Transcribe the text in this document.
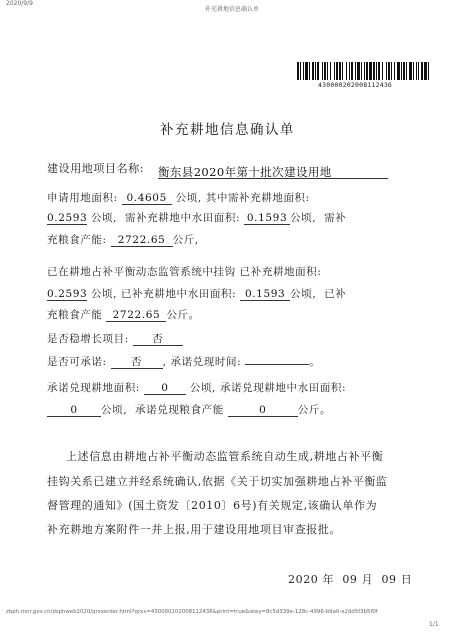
2020/9/9
补充耕地信息确认单
43000020200811243б
补充耕地信息确认单
建设用地项目名称: 衡东县2020年第十批次建设用地
申请用地面积: 0.4605 公顷, 其中需补充耕地面积:
0.2593 公顷, 需补充耕地中水田面积: 0.1593 公顷, 需补
充粮食产能: 2722.65 公斤,
已在耕地占补平衡动态监管系统中挂钩 已补充耕地面积:
0.2593 公顷, 已补充耕地中水田面积: 0.1593 公顷, 已补
充粮食产能 2722.65 公斤。
是否稳增长项目: 否
是否可承诺: 否 , 承诺兑现时间:	。
承诺兑现耕地面积: 0 公顷, 承诺兑现耕地中水田面积:
0 公顷, 承诺兑现粮食产能	0	公斤。
上述信息由耕地占补平衡动态监管系统自动生成,耕地占补平衡
挂钩关系已建立并经系统确认,依据《关于切实加强耕地占补平衡监
督管理的通知》(国土资发〔2010〕6号)有关规定,该确认单作为
补充耕地方案附件一并上报,用于建设用地项目审查报批。
2020 年 09 月 09 日
zbph.mnr.gov.cn/zbphweb2020/qrxxorder.html?qrxx=430000202008112436&print=true&skey=8c5d339e-128c-4996-b9a0-e2dd5f3b5f0f
1/1
